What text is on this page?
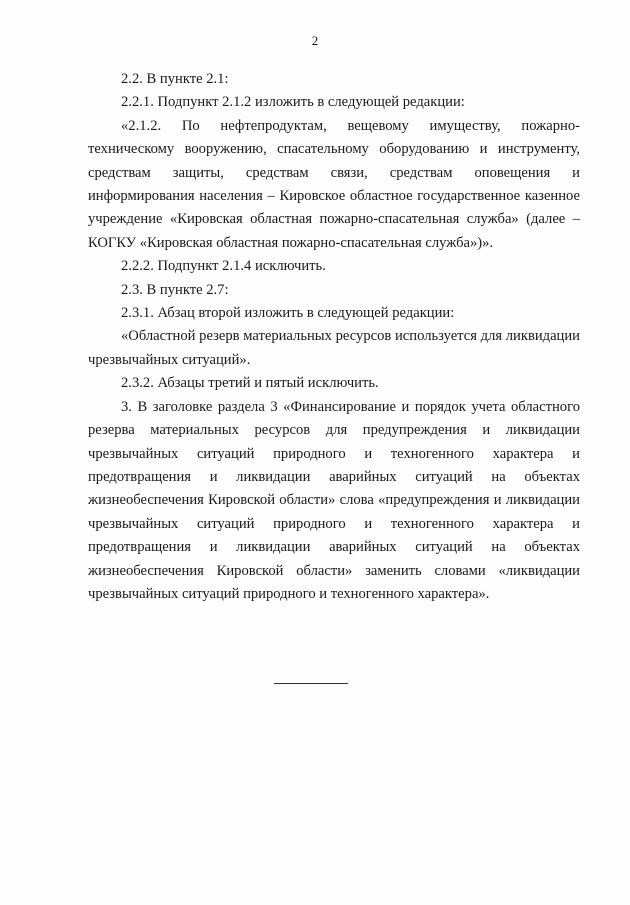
2

2.2. В пункте 2.1:

2.2.1. Подпункт 2.1.2 изложить в следующей редакции:

«2.1.2. По нефтепродуктам, вещевому имуществу, пожарно-техническому вооружению, спасательному оборудованию и инструменту, средствам защиты, средствам связи, средствам оповещения и информирования населения – Кировское областное государственное казенное учреждение «Кировская областная пожарно-спасательная служба» (далее – КОГКУ «Кировская областная пожарно-спасательная служба»)».

2.2.2. Подпункт 2.1.4 исключить.

2.3. В пункте 2.7:

2.3.1. Абзац второй изложить в следующей редакции:

«Областной резерв материальных ресурсов используется для ликвидации чрезвычайных ситуаций».

2.3.2. Абзацы третий и пятый исключить.

3. В заголовке раздела 3 «Финансирование и порядок учета областного резерва материальных ресурсов для предупреждения и ликвидации чрезвычайных ситуаций природного и техногенного характера и предотвращения и ликвидации аварийных ситуаций на объектах жизнеобеспечения Кировской области» слова «предупреждения и ликвидации чрезвычайных ситуаций природного и техногенного характера и предотвращения и ликвидации аварийных ситуаций на объектах жизнеобеспечения Кировской области» заменить словами «ликвидации чрезвычайных ситуаций природного и техногенного характера».
